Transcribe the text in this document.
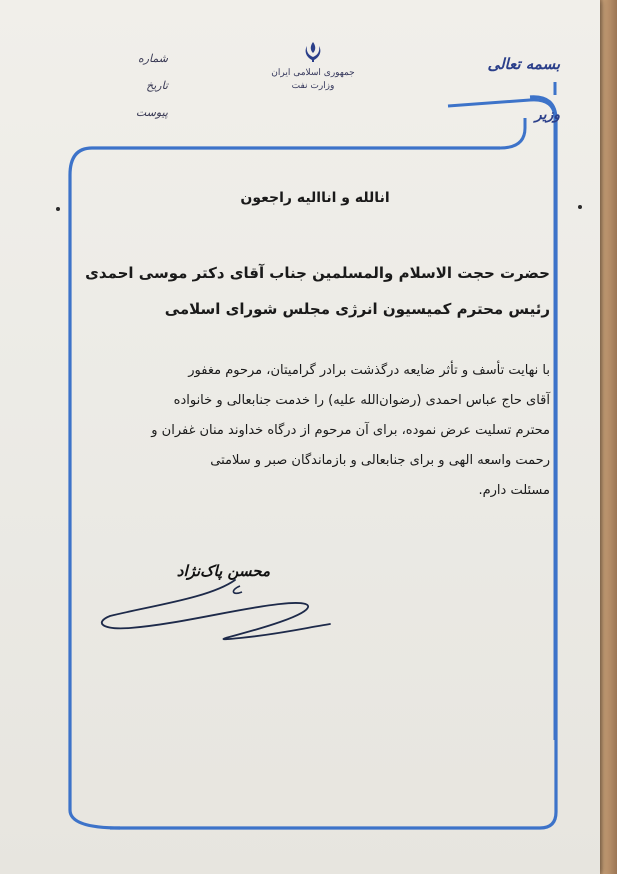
بسمه تعالی
وزیر
جمهوری اسلامی ایران
وزارت نفت
شماره
تاریخ
پیوست
انالله و اناالیه راجعون
حضرت حجت الاسلام والمسلمین جناب آقای دکتر موسی احمدی
رئیس محترم کمیسیون انرژی مجلس شورای اسلامی

با نهایت تأسف و تأثر ضایعه درگذشت برادر گرامیتان، مرحوم مغفور

آقای حاج عباس احمدی (رضوان‌الله علیه) را خدمت جنابعالی و خانواده

محترم تسلیت عرض نموده، برای آن مرحوم از درگاه خداوند منان غفران و

رحمت واسعه الهی و برای جنابعالی و بازماندگان صبر و سلامتی

مسئلت دارم.

محسن پاک‌نژاد
